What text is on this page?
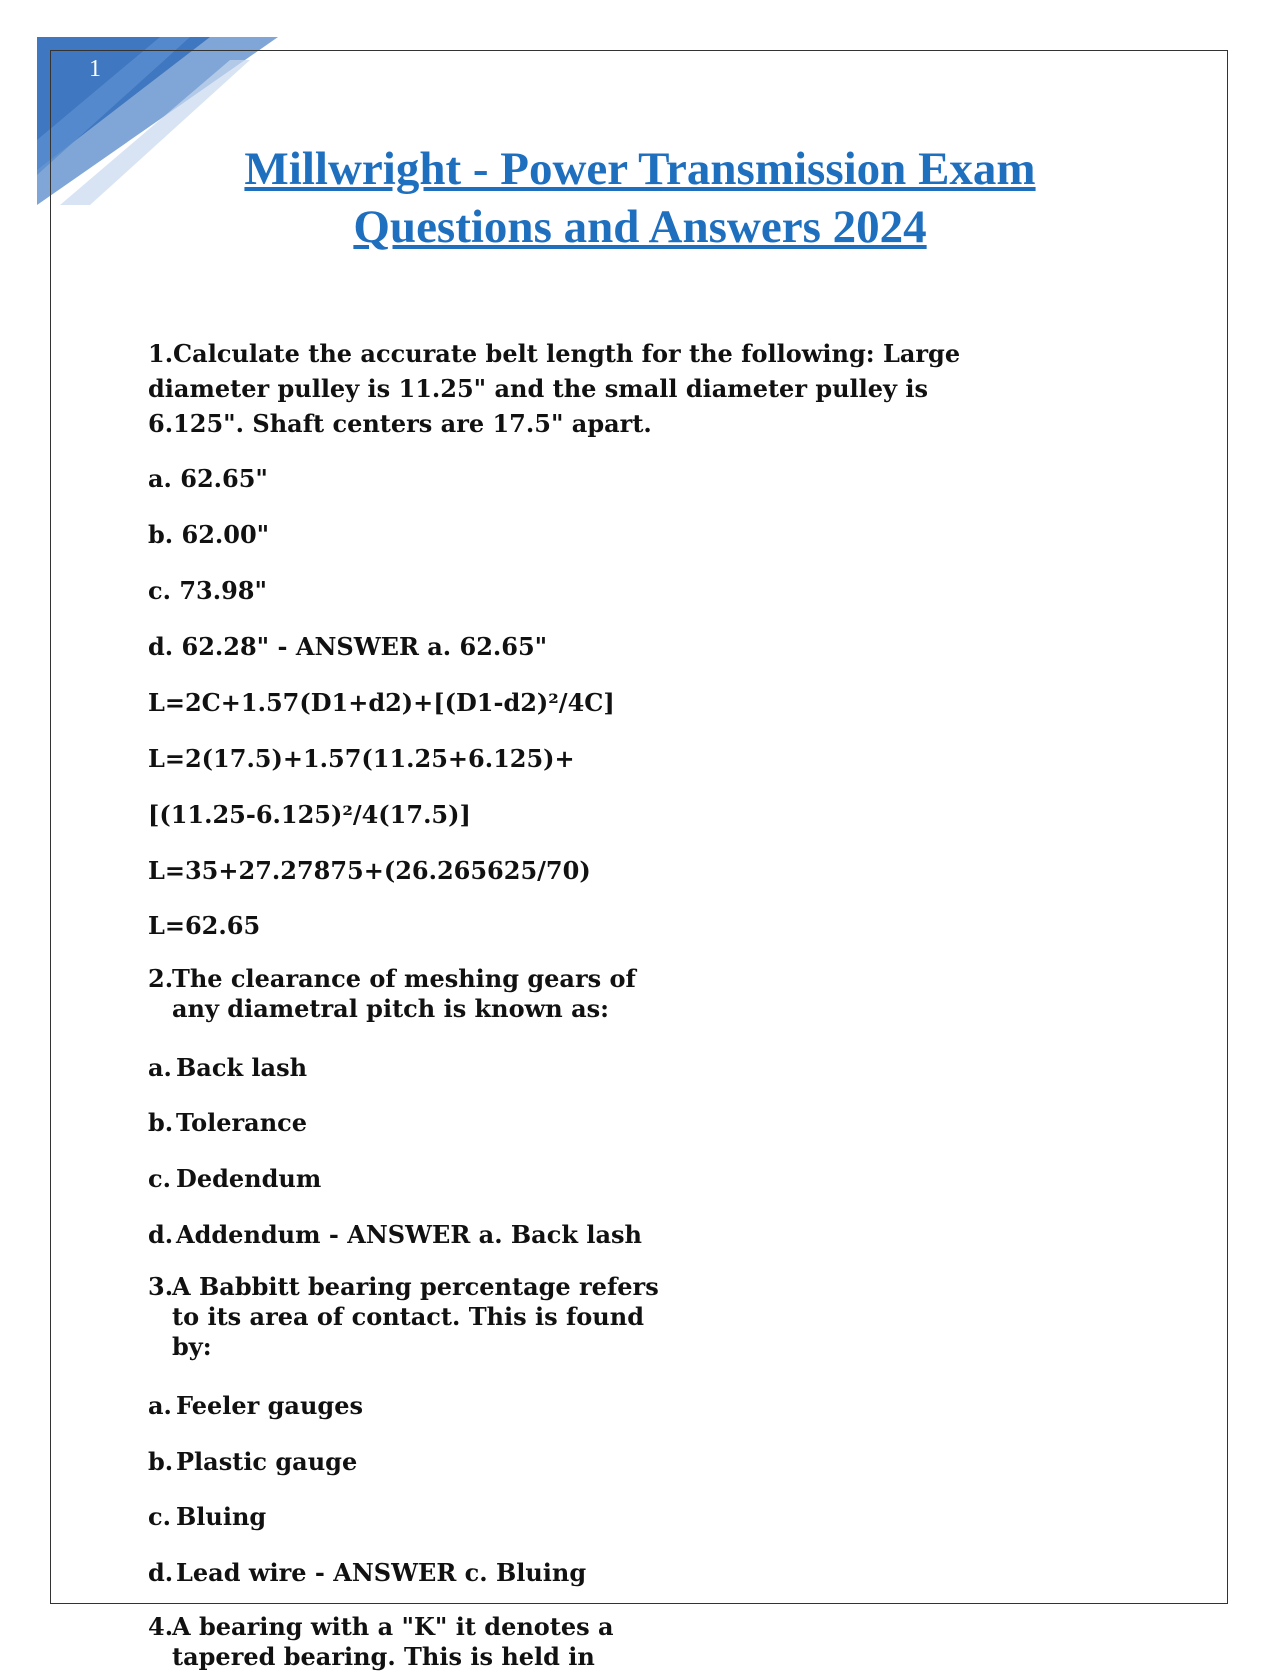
1
Millwright - Power Transmission Exam
Questions and Answers 2024

1.Calculate the accurate belt length for the following: Large diameter pulley is 11.25" and the small diameter pulley is 6.125". Shaft centers are 17.5" apart.

a. 62.65"

b. 62.00"

c. 73.98"

d. 62.28" - ANSWER a. 62.65"

L=2C+1.57(D1+d2)+[(D1-d2)²/4C]

L=2(17.5)+1.57(11.25+6.125)+

[(11.25-6.125)²/4(17.5)]

L=35+27.27875+(26.265625/70)

L=62.65

2.The clearance of meshing gears of
any diametral pitch is known as:

a. Back lash

b. Tolerance

c. Dedendum

d. Addendum - ANSWER a. Back lash

3.A Babbitt bearing percentage refers
to its area of contact. This is found
by:

a. Feeler gauges

b. Plastic gauge

c. Bluing

d. Lead wire - ANSWER c. Bluing

4.A bearing with a "K" it denotes a
tapered bearing. This is held in
